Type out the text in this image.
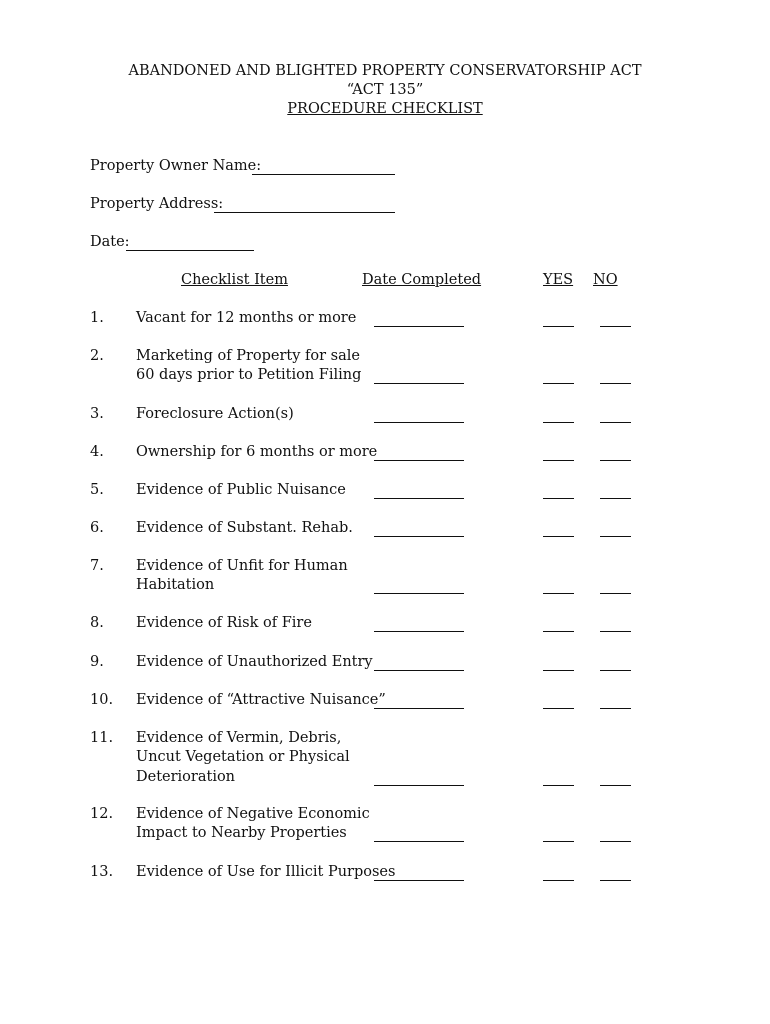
ABANDONED AND BLIGHTED PROPERTY CONSERVATORSHIP ACT
“ACT 135”
PROCEDURE CHECKLIST
Property Owner Name:
Property Address:
Date:
Checklist Item	Date Completed	YES NO
1. Vacant for 12 months or more
2. Marketing of Property for sale
60 days prior to Petition Filing
3. Foreclosure Action(s)
4. Ownership for 6 months or more
5. Evidence of Public Nuisance
6. Evidence of Substant. Rehab.
7. Evidence of Unfit for Human
Habitation
8. Evidence of Risk of Fire
9. Evidence of Unauthorized Entry
10. Evidence of “Attractive Nuisance”
11. Evidence of Vermin, Debris,
Uncut Vegetation or Physical
Deterioration
12. Evidence of Negative Economic
Impact to Nearby Properties
13. Evidence of Use for Illicit Purposes
